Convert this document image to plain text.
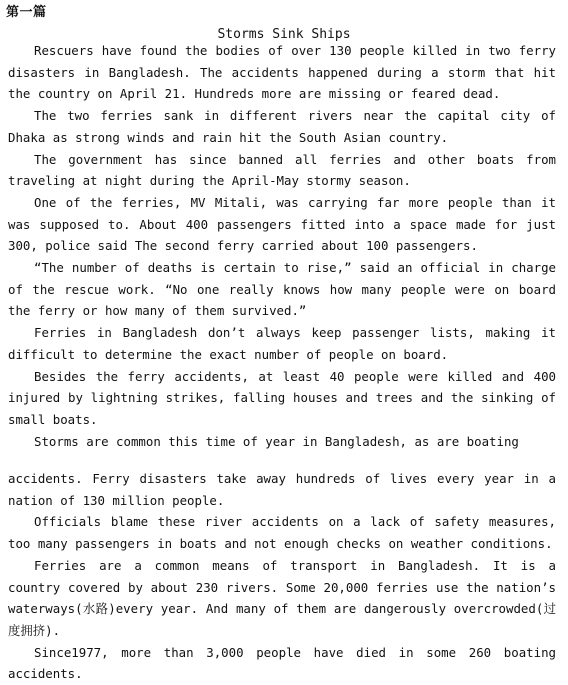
第一篇
Storms Sink Ships

Rescuers have found the bodies of over 130 people killed in two ferry disasters in Bangladesh. The accidents happened during a storm that hit the country on April 21. Hundreds more are missing or feared dead.

The two ferries sank in different rivers near the capital city of Dhaka as strong winds and rain hit the South Asian country.

The government has since banned all ferries and other boats from traveling at night during the April-May stormy season.

One of the ferries, MV Mitali, was carrying far more people than it was supposed to. About 400 passengers fitted into a space made for just 300, police said The second ferry carried about 100 passengers.

“The number of deaths is certain to rise,” said an official in charge of the rescue work. “No one really knows how many people were on board the ferry or how many of them survived.”

Ferries in Bangladesh don’t always keep passenger lists, making it difficult to determine the exact number of people on board.

Besides the ferry accidents, at least 40 people were killed and 400 injured by lightning strikes, falling houses and trees and the sinking of small boats.

Storms are common this time of year in Bangladesh, as are boating

accidents. Ferry disasters take away hundreds of lives every year in a nation of 130 million people.

Officials blame these river accidents on a lack of safety measures, too many passengers in boats and not enough checks on weather conditions.

Ferries are a common means of transport in Bangladesh. It is a country covered by about 230 rivers. Some 20,000 ferries use the nation’s waterways(水路)every year. And many of them are dangerously overcrowded(过度拥挤).

Since1977, more than 3,000 people have died in some 260 boating accidents.
